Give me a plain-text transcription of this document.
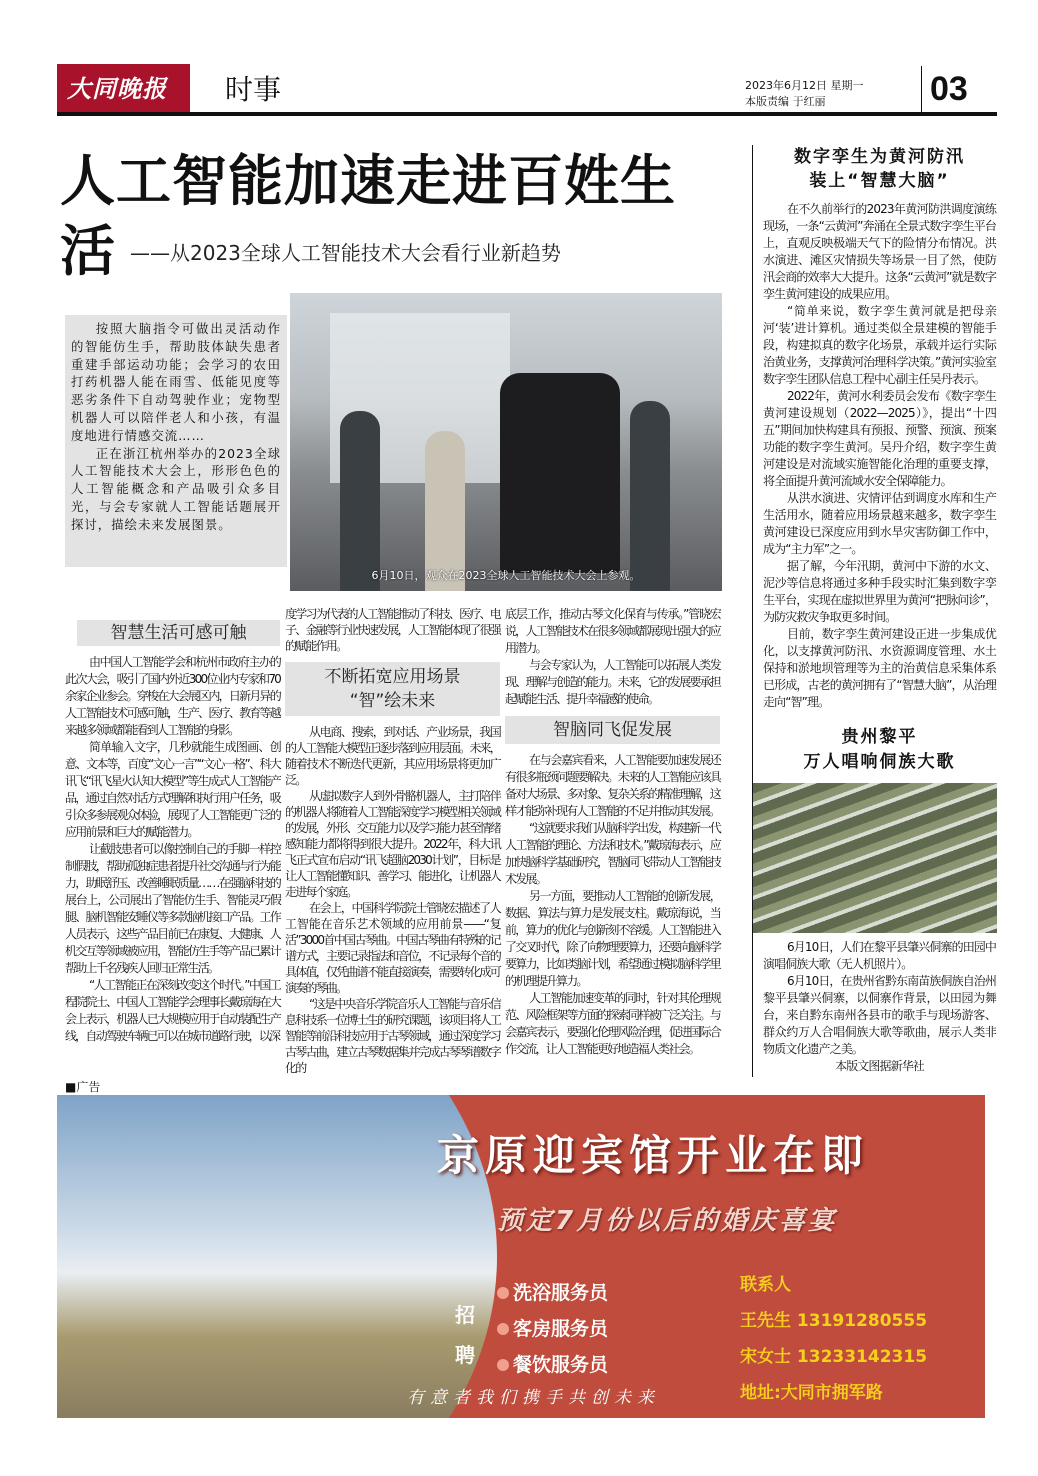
大同晚报	时事	2023年6月12日 星期一
本版责编 于红丽	03
人工智能加速走进百姓生活 ——从2023全球人工智能技术大会看行业新趋势

按照大脑指令可做出灵活动作的智能仿生手，帮助肢体缺失患者重建手部运动功能；会学习的农田打药机器人能在雨雪、低能见度等恶劣条件下自动驾驶作业；宠物型机器人可以陪伴老人和小孩，有温度地进行情感交流……

正在浙江杭州举办的2023全球人工智能技术大会上，形形色色的人工智能概念和产品吸引众多目光，与会专家就人工智能话题展开探讨，描绘未来发展图景。

6月10日，观众在2023全球人工智能技术大会上参观。
智慧生活可感可触

由中国人工智能学会和杭州市政府主办的此次大会，吸引了国内外近300位业内专家和70余家企业参会。穿梭在大会展区内，日新月异的人工智能技术可感可触，生产、医疗、教育等越来越多领域都能看到人工智能的身影。

简单输入文字，几秒就能生成图画、创意、文本等，百度“文心一言”“文心一格”、科大讯飞“讯飞星火认知大模型”等生成式人工智能产品，通过自然对话方式理解和执行用户任务，吸引众多参展观众体验，展现了人工智能更广泛的应用前景和巨大的赋能潜力。

让截肢患者可以像控制自己的手脚一样控制假肢，帮助孤独症患者提升社交沟通与行为能力，助眠舒压、改善睡眠质量……在强脑科技的展台上，公司展出了智能仿生手、智能灵巧假腿、脑机智能安睡仪等多款脑机接口产品。工作人员表示，这些产品目前已在康复、大健康、人机交互等领域被应用，智能仿生手等产品已累计帮助上千名残疾人回归正常生活。

“人工智能正在深刻改变这个时代。”中国工程院院士、中国人工智能学会理事长戴琼海在大会上表示，机器人已大规模应用于自动装配生产线，自动驾驶车辆已可以在城市道路行驶，以深

度学习为代表的人工智能推动了科技、医疗、电子、金融等行业快速发展，人工智能体现了很强的赋能作用。
不断拓宽应用场景
“智”绘未来

从电商、搜索，到对话、产业场景，我国的人工智能大模型正逐步落到应用层面。未来，随着技术不断迭代更新，其应用场景将更加广泛。

从虚拟数字人到外骨骼机器人，主打陪伴的机器人将随着人工智能深度学习模型相关领域的发展，外形、交互能力以及学习能力甚至情绪感知能力都将得到很大提升。2022年，科大讯飞正式宣布启动“讯飞超脑2030计划”，目标是让人工智能懂知识、善学习、能进化，让机器人走进每个家庭。

在会上，中国科学院院士管晓宏描述了人工智能在音乐艺术领域的应用前景——“复活”3000首中国古琴曲。中国古琴曲有特殊的记谱方式，主要记录指法和音位，不记录每个音的具体值，仅凭曲谱不能直接演奏，需要转化成可演奏的琴曲。

“这是中央音乐学院音乐人工智能与音乐信息科技系一位博士生的研究课题，该项目将人工智能等前沿科技应用于古琴领域，通过深度学习古琴古曲，建立古琴数据集并完成古琴琴谱数字化的

底层工作，推动古琴文化保育与传承。”管晓宏说，人工智能技术在很多领域都展现出强大的应用潜力。

与会专家认为，人工智能可以拓展人类发现、理解与创造的能力。未来，它的发展要承担起赋能生活、提升幸福感的使命。

智脑同飞促发展

在与会嘉宾看来，人工智能要加速发展还有很多瓶颈问题要解决。未来的人工智能应该具备对大场景、多对象、复杂关系的精准理解，这样才能弥补现有人工智能的不足并推动其发展。

“这就要求我们从脑科学出发，构建新一代人工智能的理论、方法和技术。”戴琼海表示，应加快脑科学基础研究，智脑同飞带动人工智能技术发展。

另一方面，要推动人工智能的创新发展，数据、算法与算力是发展支柱。戴琼海说，当前，算力的优化与创新刻不容缓。人工智能进入了交叉时代，除了向物理要算力，还要向脑科学要算力，比如类脑计划，希望通过模拟脑科学里的机理提升算力。

人工智能加速变革的同时，针对其伦理规范、风险框架等方面的探索同样被广泛关注。与会嘉宾表示，要强化伦理风险治理，促进国际合作交流，让人工智能更好地造福人类社会。

数字孪生为黄河防汛
装上“智慧大脑”

在不久前举行的2023年黄河防洪调度演练现场，一条“云黄河”奔涌在全景式数字孪生平台上，直观反映极端天气下的险情分布情况。洪水演进、滩区灾情损失等场景一目了然，使防汛会商的效率大大提升。这条“云黄河”就是数字孪生黄河建设的成果应用。

“简单来说，数字孪生黄河就是把母亲河‘装’进计算机。通过类似全景建模的智能手段，构建拟真的数字化场景，承载并运行实际治黄业务，支撑黄河治理科学决策。”黄河实验室数字孪生团队信息工程中心副主任吴丹表示。

2022年，黄河水利委员会发布《数字孪生黄河建设规划（2022—2025）》，提出“十四五”期间加快构建具有预报、预警、预演、预案功能的数字孪生黄河。吴丹介绍，数字孪生黄河建设是对流域实施智能化治理的重要支撑，将全面提升黄河流域水安全保障能力。

从洪水演进、灾情评估到调度水库和生产生活用水，随着应用场景越来越多，数字孪生黄河建设已深度应用到水旱灾害防御工作中，成为“主力军”之一。

据了解，今年汛期，黄河中下游的水文、泥沙等信息将通过多种手段实时汇集到数字孪生平台，实现在虚拟世界里为黄河“把脉问诊”，为防灾救灾争取更多时间。

目前，数字孪生黄河建设正进一步集成优化，以支撑黄河防汛、水资源调度管理、水土保持和淤地坝管理等为主的治黄信息采集体系已形成，古老的黄河拥有了“智慧大脑”，从治理走向“智”理。

贵州黎平
万人唱响侗族大歌

6月10日，人们在黎平县肇兴侗寨的田园中演唱侗族大歌（无人机照片）。

6月10日，在贵州省黔东南苗族侗族自治州黎平县肇兴侗寨，以侗寨作背景，以田园为舞台，来自黔东南州各县市的歌手与现场游客、群众约万人合唱侗族大歌等歌曲，展示人类非物质文化遗产之美。

本版文图据新华社
■广告
京原迎宾馆开业在即
预定7月份以后的婚庆喜宴
招聘
洗浴服务员
客房服务员
餐饮服务员
有意者我们携手共创未来
联系人
王先生 13191280555
宋女士 13233142315
地址:大同市拥军路
